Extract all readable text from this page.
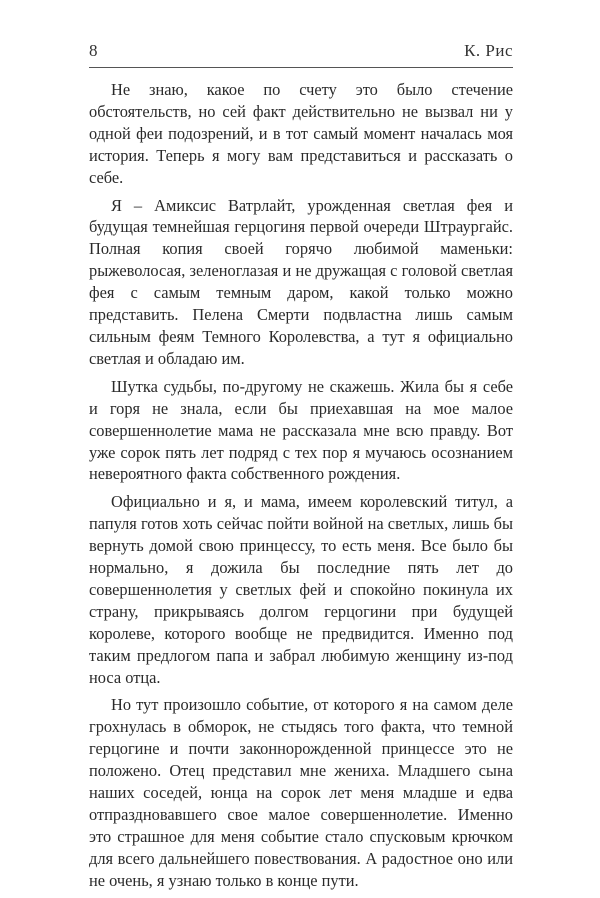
8	К. Рис

Не знаю, какое по счету это было стечение обстоятельств, но сей факт действительно не вызвал ни у одной феи подозрений, и в тот самый момент началась моя история. Теперь я могу вам представиться и рассказать о себе.

Я – Амиксис Ватрлайт, урожденная светлая фея и будущая темнейшая герцогиня первой очереди Штраургайс. Полная копия своей горячо любимой маменьки: рыжеволосая, зеленоглазая и не дружащая с головой светлая фея с самым темным даром, какой только можно представить. Пелена Смерти подвластна лишь самым сильным феям Темного Королевства, а тут я официально светлая и обладаю им.

Шутка судьбы, по-другому не скажешь. Жила бы я себе и горя не знала, если бы приехавшая на мое малое совершеннолетие мама не рассказала мне всю правду. Вот уже сорок пять лет подряд с тех пор я мучаюсь осознанием невероятного факта собственного рождения.

Официально и я, и мама, имеем королевский титул, а папуля готов хоть сейчас пойти войной на светлых, лишь бы вернуть домой свою принцессу, то есть меня. Все было бы нормально, я дожила бы последние пять лет до совершеннолетия у светлых фей и спокойно покинула их страну, прикрываясь долгом герцогини при будущей королеве, которого вообще не предвидится. Именно под таким предлогом папа и забрал любимую женщину из-под носа отца.

Но тут произошло событие, от которого я на самом деле грохнулась в обморок, не стыдясь того факта, что темной герцогине и почти законнорожденной принцессе это не положено. Отец представил мне жениха. Младшего сына наших соседей, юнца на сорок лет меня младше и едва отпраздновавшего свое малое совершеннолетие. Именно это страшное для меня событие стало спусковым крючком для всего дальнейшего повествования. А радостное оно или не очень, я узнаю только в конце пути.
